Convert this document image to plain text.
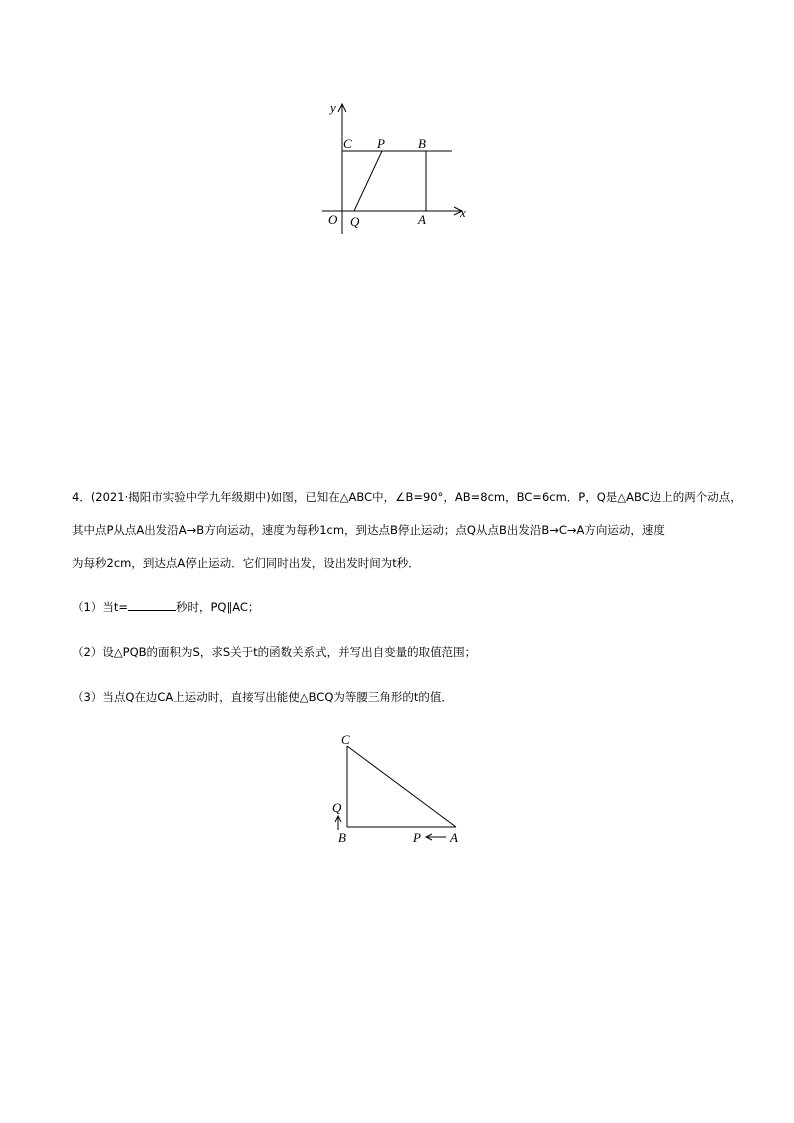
y
x
C P	B
O Q	A
4．(2021·揭阳市实验中学九年级期中)如图，已知在△ABC中，∠B=90°，AB=8cm，BC=6cm．P，Q是△ABC边上的两个动点，
其中点P从点A出发沿A→B方向运动，速度为每秒1cm，到达点B停止运动；点Q从点B出发沿B→C→A方向运动，速度
为每秒2cm，到达点A停止运动．它们同时出发，设出发时间为t秒．
（1）当t=	秒时，PQ∥AC；
（2）设△PQB的面积为S，求S关于t的函数关系式，并写出自变量的取值范围；
（3）当点Q在边CA上运动时，直接写出能使△BCQ为等腰三角形的t的值．
C
Q
B	P A
